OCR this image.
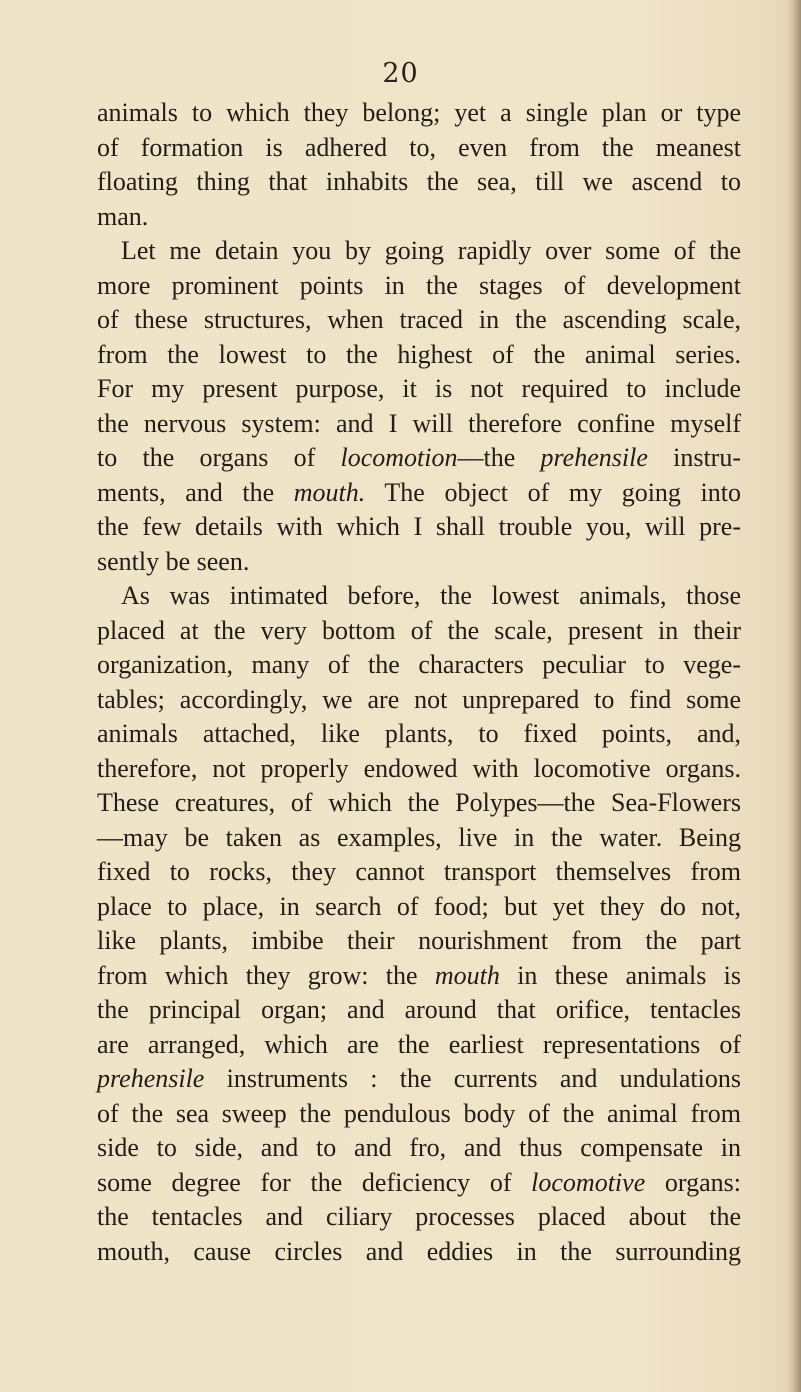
20
animals to which they belong; yet a single plan or type
of formation is adhered to, even from the meanest
floating thing that inhabits the sea, till we ascend to
man.
Let me detain you by going rapidly over some of the
more prominent points in the stages of development
of these structures, when traced in the ascending scale,
from the lowest to the highest of the animal series.
For my present purpose, it is not required to include
the nervous system: and I will therefore confine myself
to the organs of locomotion—the prehensile instru-
ments, and the mouth. The object of my going into
the few details with which I shall trouble you, will pre-
sently be seen.
As was intimated before, the lowest animals, those
placed at the very bottom of the scale, present in their
organization, many of the characters peculiar to vege-
tables; accordingly, we are not unprepared to find some
animals attached, like plants, to fixed points, and,
therefore, not properly endowed with locomotive organs.
These creatures, of which the Polypes—the Sea-Flowers
—may be taken as examples, live in the water. Being
fixed to rocks, they cannot transport themselves from
place to place, in search of food; but yet they do not,
like plants, imbibe their nourishment from the part
from which they grow: the mouth in these animals is
the principal organ; and around that orifice, tentacles
are arranged, which are the earliest representations of
prehensile instruments : the currents and undulations
of the sea sweep the pendulous body of the animal from
side to side, and to and fro, and thus compensate in
some degree for the deficiency of locomotive organs:
the tentacles and ciliary processes placed about the
mouth, cause circles and eddies in the surrounding
